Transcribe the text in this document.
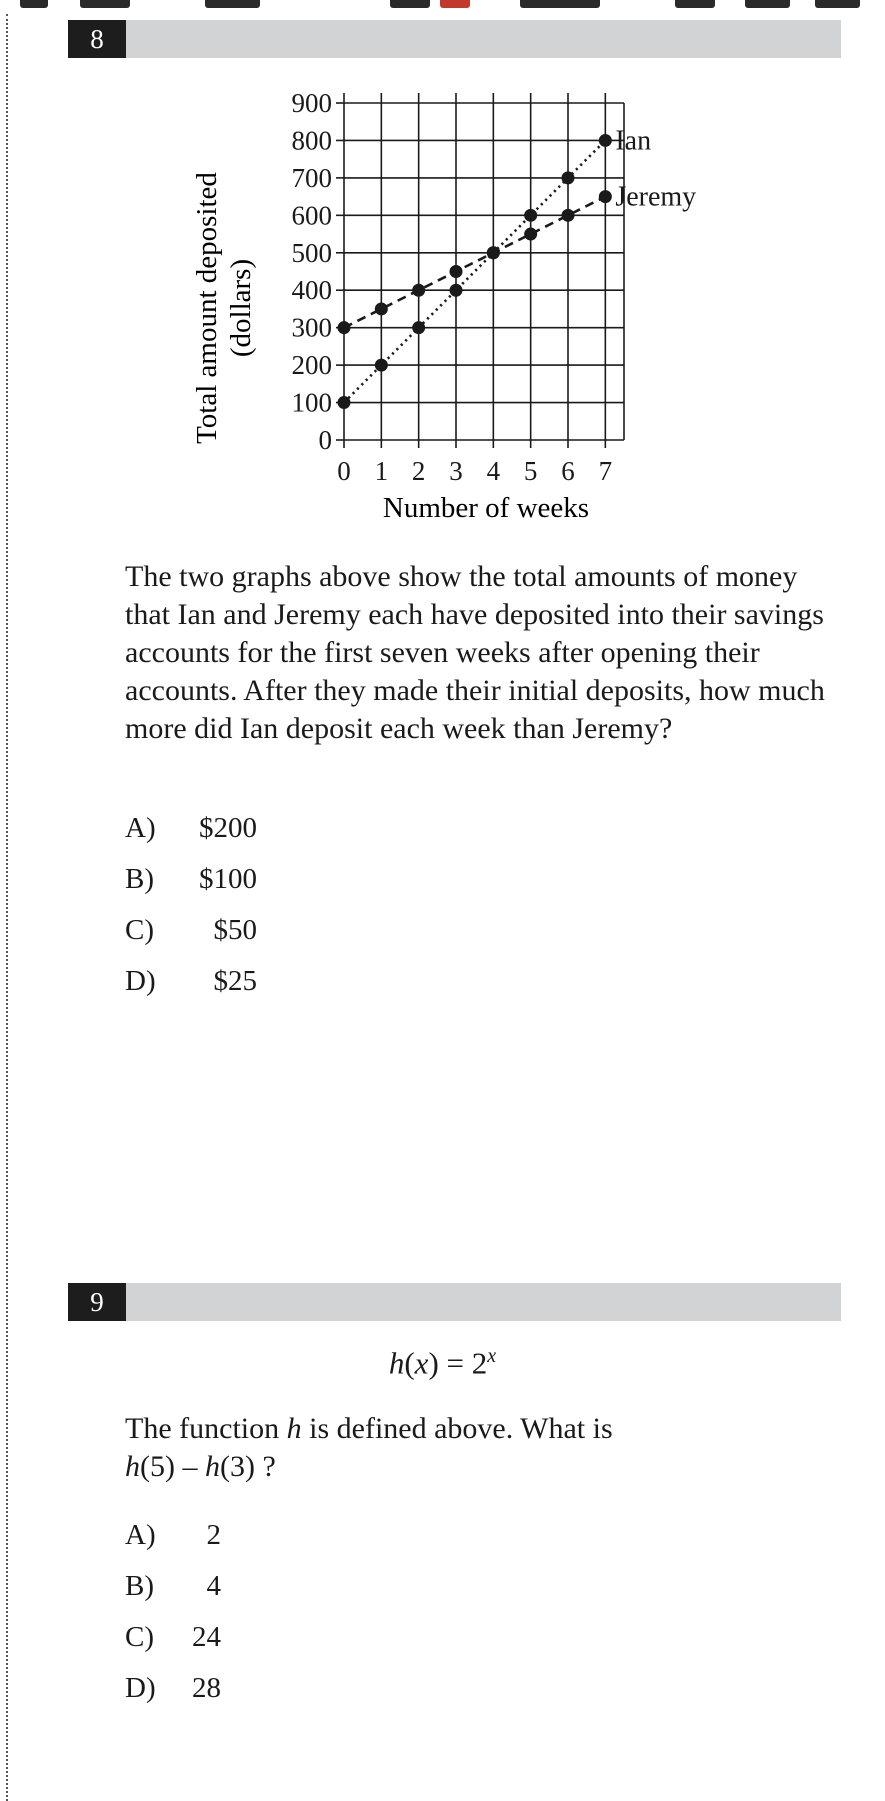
8
0
100
200
300
400
500
600
700
800
900
0 1 2 3 4 5 6 7
Ian
Jeremy
Number of weeks
Total amount deposited (dollars)

The two graphs above show the total amounts of money that Ian and Jeremy each have deposited into their savings accounts for the first seven weeks after opening their accounts. After they made their initial deposits, how much more did Ian deposit each week than Jeremy?

A) $200
B) $100
C) $50
D) $25
9
$h(x) = 2^x$

The function h is defined above. What is
h(5) – h(3) ?

A) 2
B) 4
C) 24
D) 28
